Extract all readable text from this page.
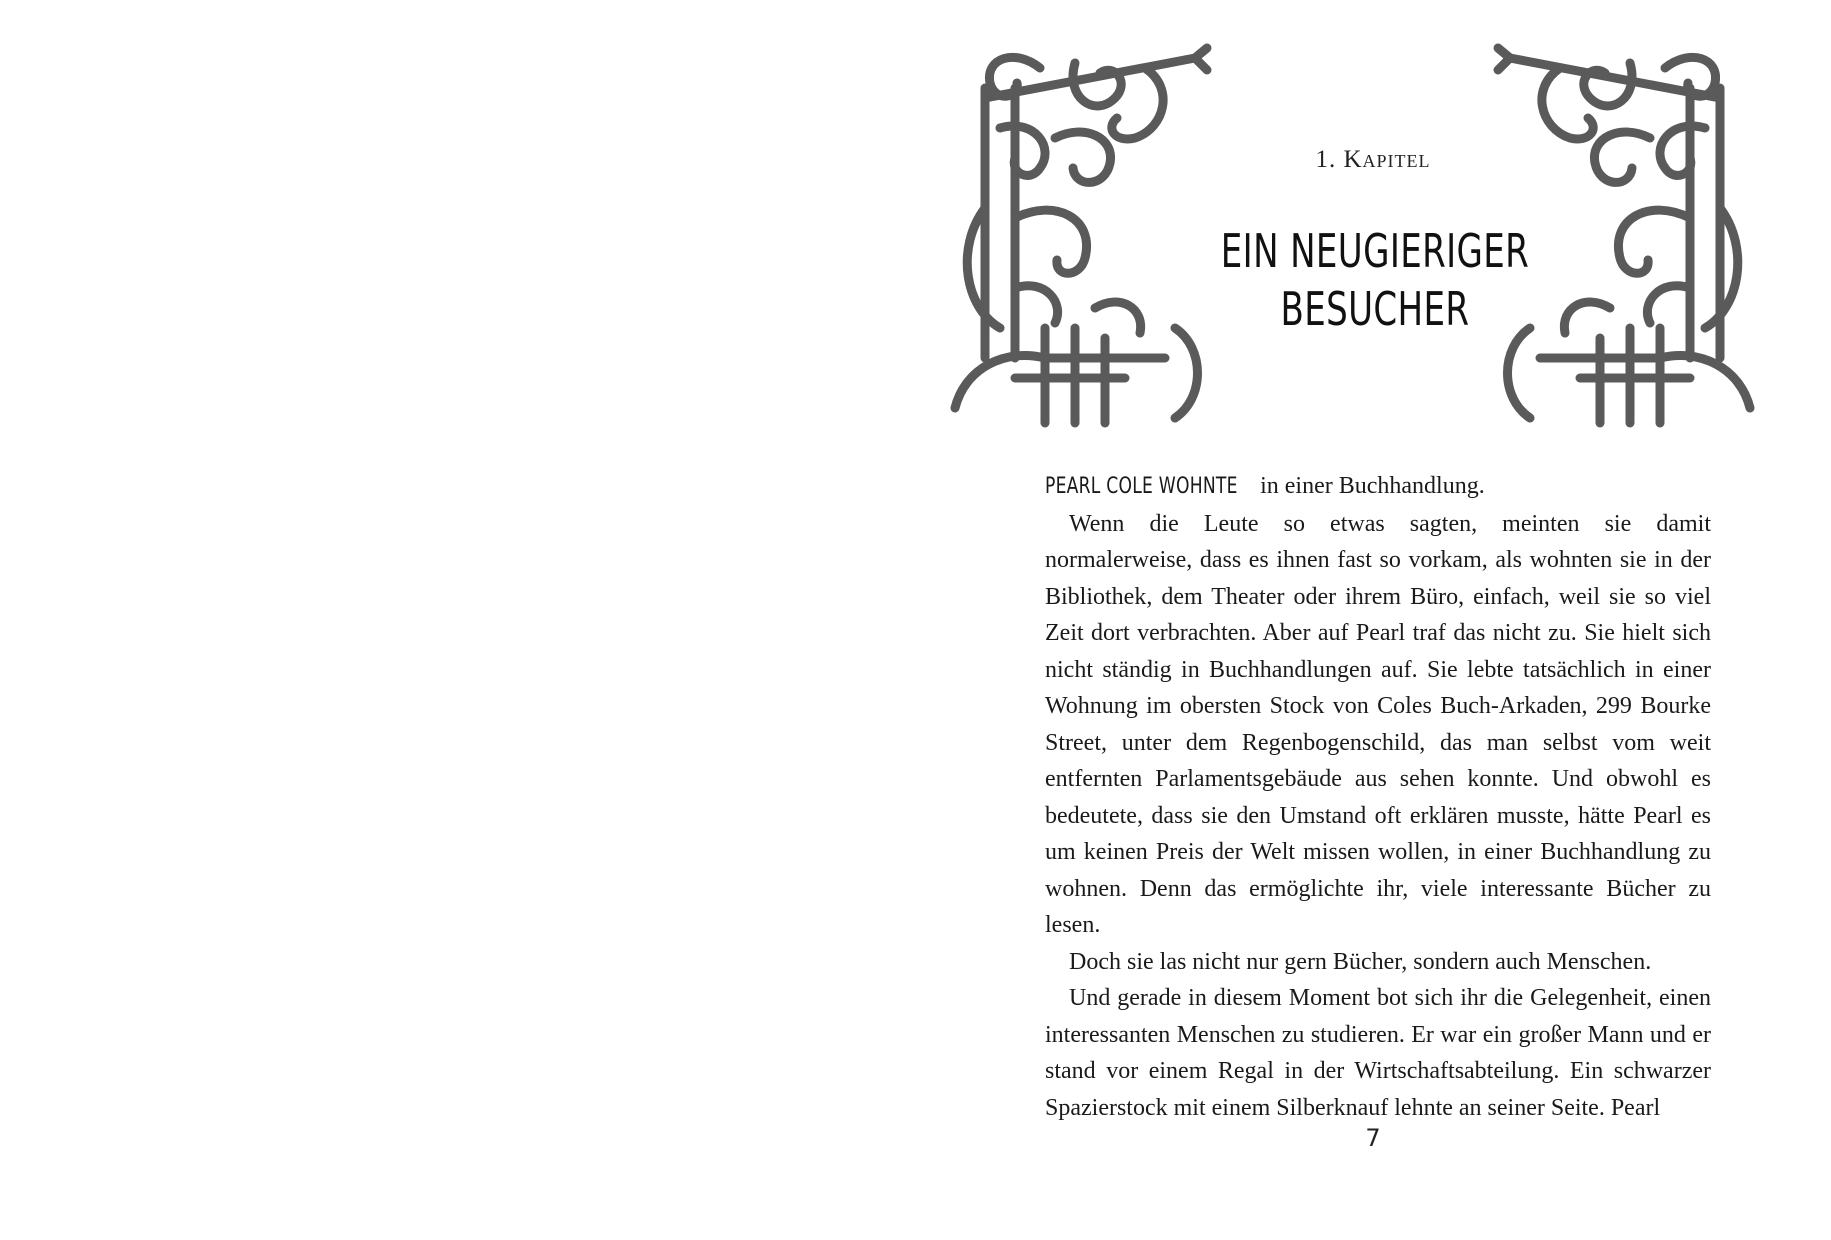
1. Kapitel
EIN NEUGIERIGER
BESUCHER

PEARL COLE WOHNTE in einer Buchhandlung.

Wenn die Leute so etwas sagten, meinten sie damit normalerweise, dass es ihnen fast so vorkam, als wohnten sie in der Bibliothek, dem Theater oder ihrem Büro, einfach, weil sie so viel Zeit dort verbrachten. Aber auf Pearl traf das nicht zu. Sie hielt sich nicht ständig in Buchhandlungen auf. Sie lebte tatsächlich in einer Wohnung im obersten Stock von Coles Buch-Arkaden, 299 Bourke Street, unter dem Regenbogenschild, das man selbst vom weit entfernten Parlamentsgebäude aus sehen konnte. Und obwohl es bedeutete, dass sie den Umstand oft erklären musste, hätte Pearl es um keinen Preis der Welt missen wollen, in einer Buchhandlung zu wohnen. Denn das ermöglichte ihr, viele interessante Bücher zu lesen.

Doch sie las nicht nur gern Bücher, sondern auch Menschen.

Und gerade in diesem Moment bot sich ihr die Gelegenheit, einen interessanten Menschen zu studieren. Er war ein großer Mann und er stand vor einem Regal in der Wirtschaftsabteilung. Ein schwarzer Spazierstock mit einem Silberknauf lehnte an seiner Seite. Pearl

7
